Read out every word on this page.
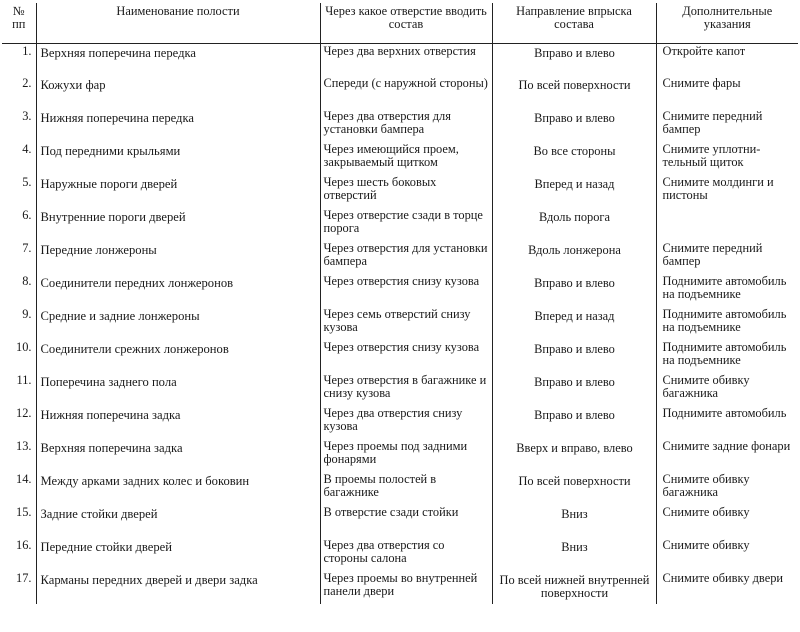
№ пп	Наименование полости	Через какое отверстие вводить состав	Направление впрыска состава	Дополнительные указания
1.	Верхняя поперечина передка	Через два верхних отверстия	Вправо и влево	Откройте капот
2.	Кожухи фар	Спереди (с наружной стороны)	По всей поверхности	Снимите фары
3.	Нижняя поперечина передка	Через два отверстия для установки бампера	Вправо и влево	Снимите передний бампер
4.	Под передними крыльями	Через имеющийся проем, закрываемый щитком	Во все стороны	Снимите уплотнительный щиток
5.	Наружные пороги дверей	Через шесть боковых отверстий	Вперед и назад	Снимите молдинги и пистоны
6.	Внутренние пороги дверей	Через отверстие сзади в торце порога	Вдоль порога	
7.	Передние лонжероны	Через отверстия для установки бампера	Вдоль лонжерона	Снимите передний бампер
8.	Соединители передних лонжеронов	Через отверстия снизу кузова	Вправо и влево	Поднимите автомобиль на подъемнике
9.	Средние и задние лонжероны	Через семь отверстий снизу кузова	Вперед и назад	Поднимите автомобиль на подъемнике
10.	Соединители срежних лонжеронов	Через отверстия снизу кузова	Вправо и влево	Поднимите автомобиль на подъемнике
11.	Поперечина заднего пола	Через отверстия в багажнике и снизу кузова	Вправо и влево	Снимите обивку багажника
12.	Нижняя поперечина задка	Через два отверстия снизу кузова	Вправо и влево	Поднимите автомобиль
13.	Верхняя поперечина задка	Через проемы под задними фонарями	Вверх и вправо, влево	Снимите задние фонари
14.	Между арками задних колес и боковин	В проемы полостей в багажнике	По всей поверхности	Снимите обивку багажника
15.	Задние стойки дверей	В отверстие сзади стойки	Вниз	Снимите обивку
16.	Передние стойки дверей	Через два отверстия со стороны салона	Вниз	Снимите обивку
17.	Карманы передних дверей и двери задка	Через проемы во внутренней панели двери	По всей нижней внутренней поверхности	Снимите обивку двери
